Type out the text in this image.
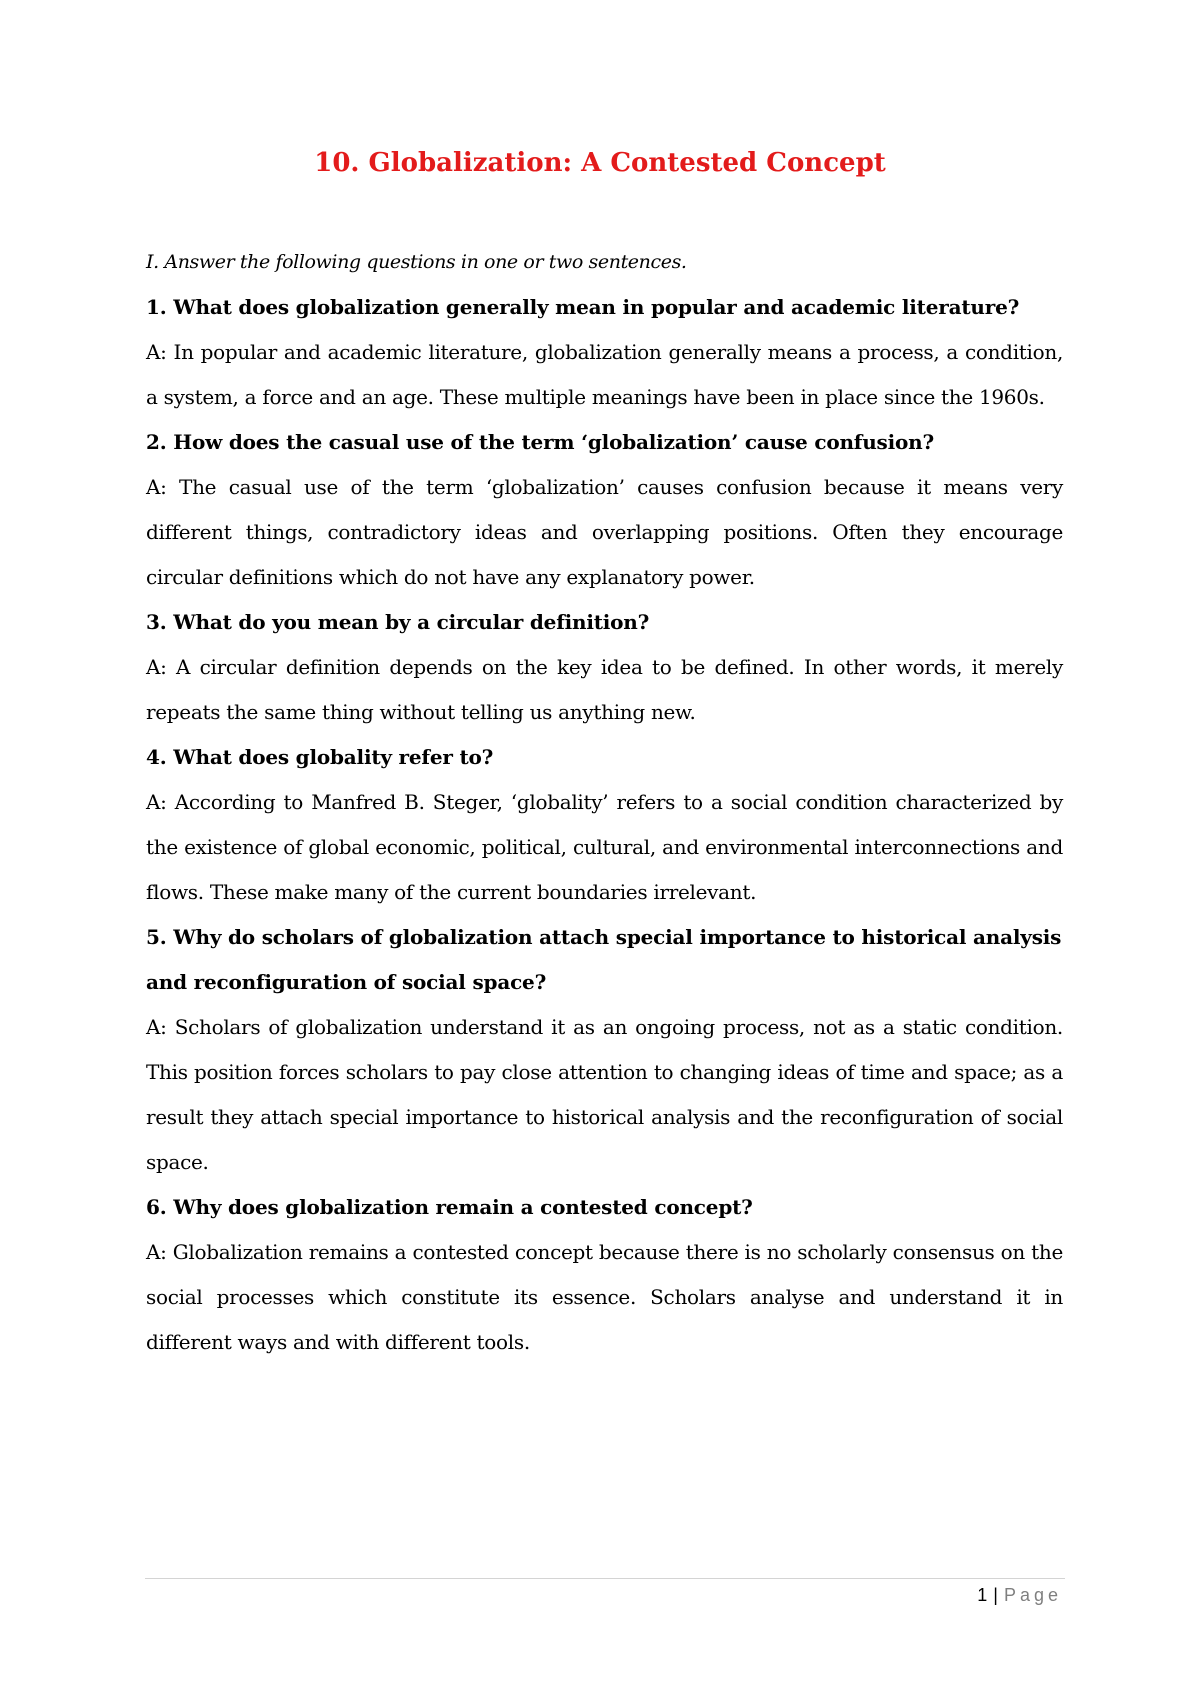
10. Globalization: A Contested Concept

I. Answer the following questions in one or two sentences.

1. What does globalization generally mean in popular and academic literature?

A: In popular and academic literature, globalization generally means a process, a condition, a system, a force and an age. These multiple meanings have been in place since the 1960s.

2. How does the casual use of the term ‘globalization’ cause confusion?

A: The casual use of the term ‘globalization’ causes confusion because it means very different things, contradictory ideas and overlapping positions. Often they encourage circular definitions which do not have any explanatory power.

3. What do you mean by a circular definition?

A: A circular definition depends on the key idea to be defined. In other words, it merely repeats the same thing without telling us anything new.

4. What does globality refer to?

A: According to Manfred B. Steger, ‘globality’ refers to a social condition characterized by the existence of global economic, political, cultural, and environmental interconnections and flows. These make many of the current boundaries irrelevant.

5. Why do scholars of globalization attach special importance to historical analysis and reconfiguration of social space?

A: Scholars of globalization understand it as an ongoing process, not as a static condition. This position forces scholars to pay close attention to changing ideas of time and space; as a result they attach special importance to historical analysis and the reconfiguration of social space.

6. Why does globalization remain a contested concept?

A: Globalization remains a contested concept because there is no scholarly consensus on the social processes which constitute its essence. Scholars analyse and understand it in different ways and with different tools.

1 | Page
